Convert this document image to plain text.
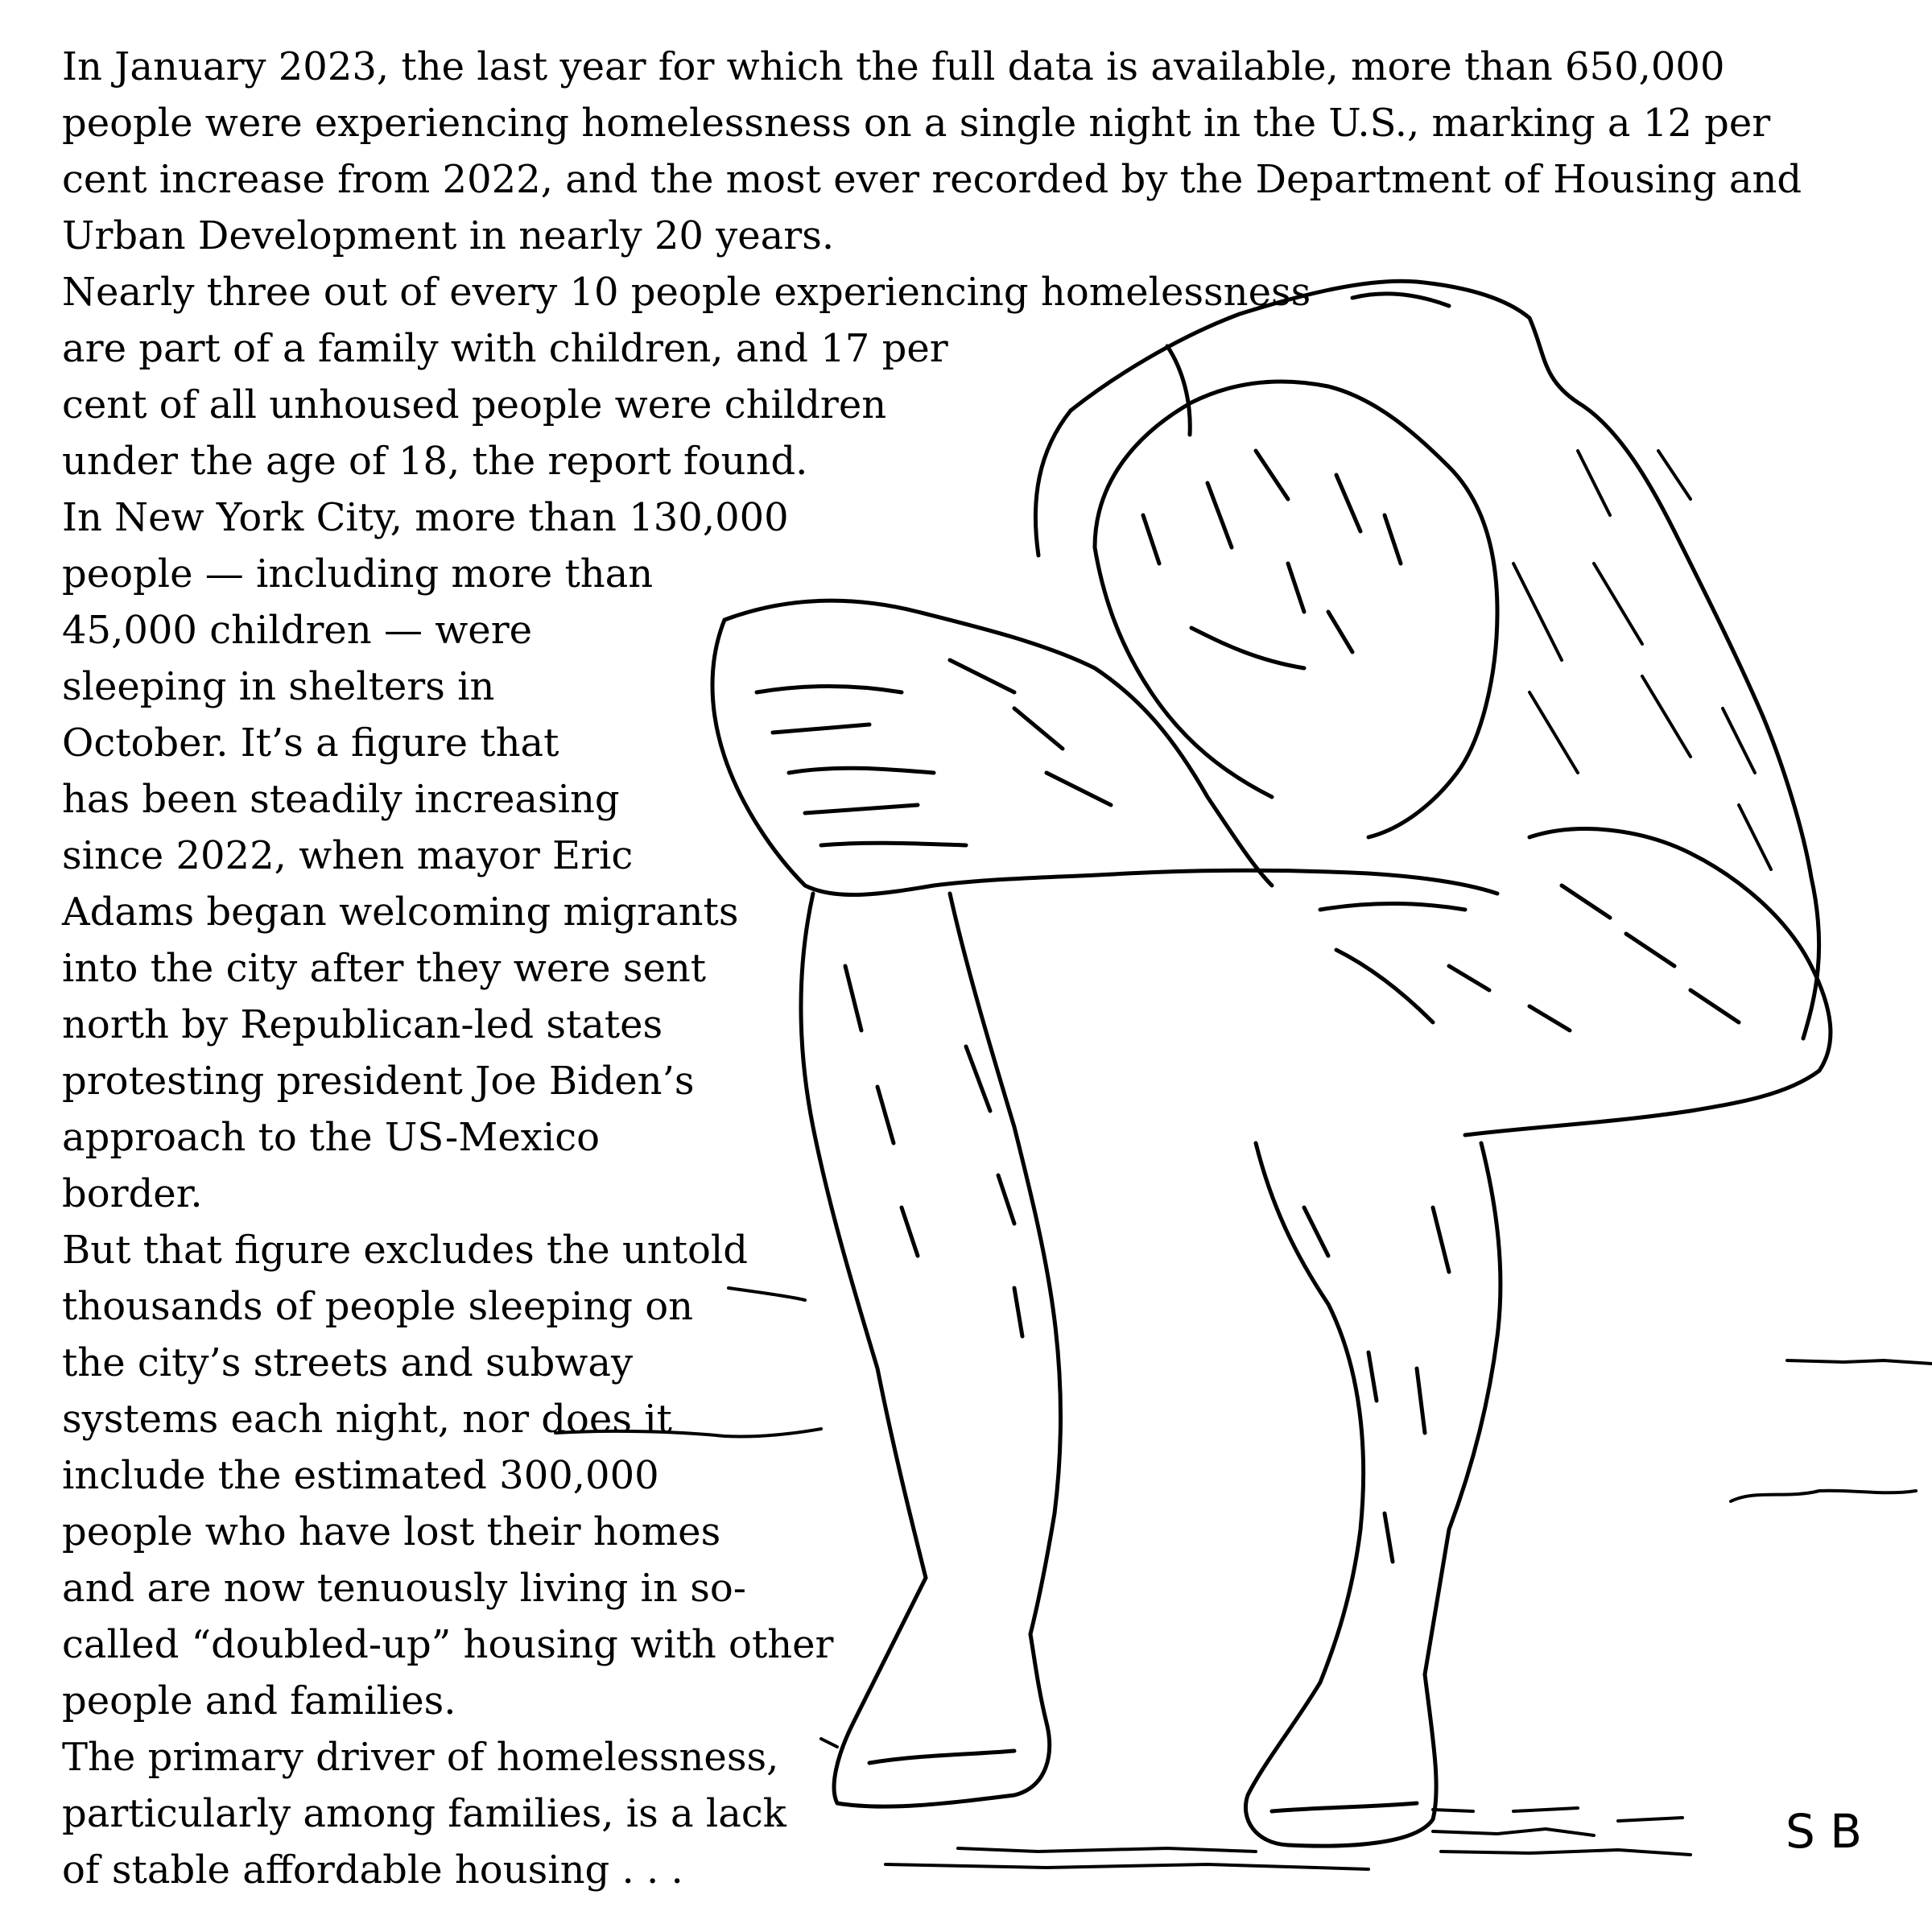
In January 2023, the last year for which the full data is available, more than 650,000

people were experiencing homelessness on a single night in the U.S., marking a 12 per

cent increase from 2022, and the most ever recorded by the Department of Housing and

Urban Development in nearly 20 years.

Nearly three out of every 10 people experiencing homelessness

are part of a family with children, and 17 per

cent of all unhoused people were children

under the age of 18, the report found.

In New York City, more than 130,000

people — including more than

45,000 children — were

sleeping in shelters in

October. It’s a figure that

has been steadily increasing

since 2022, when mayor Eric

Adams began welcoming migrants

into the city after they were sent

north by Republican-led states

protesting president Joe Biden’s

approach to the US-Mexico

border.

But that figure excludes the untold

thousands of people sleeping on

the city’s streets and subway

systems each night, nor does it

include the estimated 300,000

people who have lost their homes

and are now tenuously living in so-

called “doubled-up” housing with other

people and families.

The primary driver of homelessness,

particularly among families, is a lack

of stable affordable housing . . .

S B
